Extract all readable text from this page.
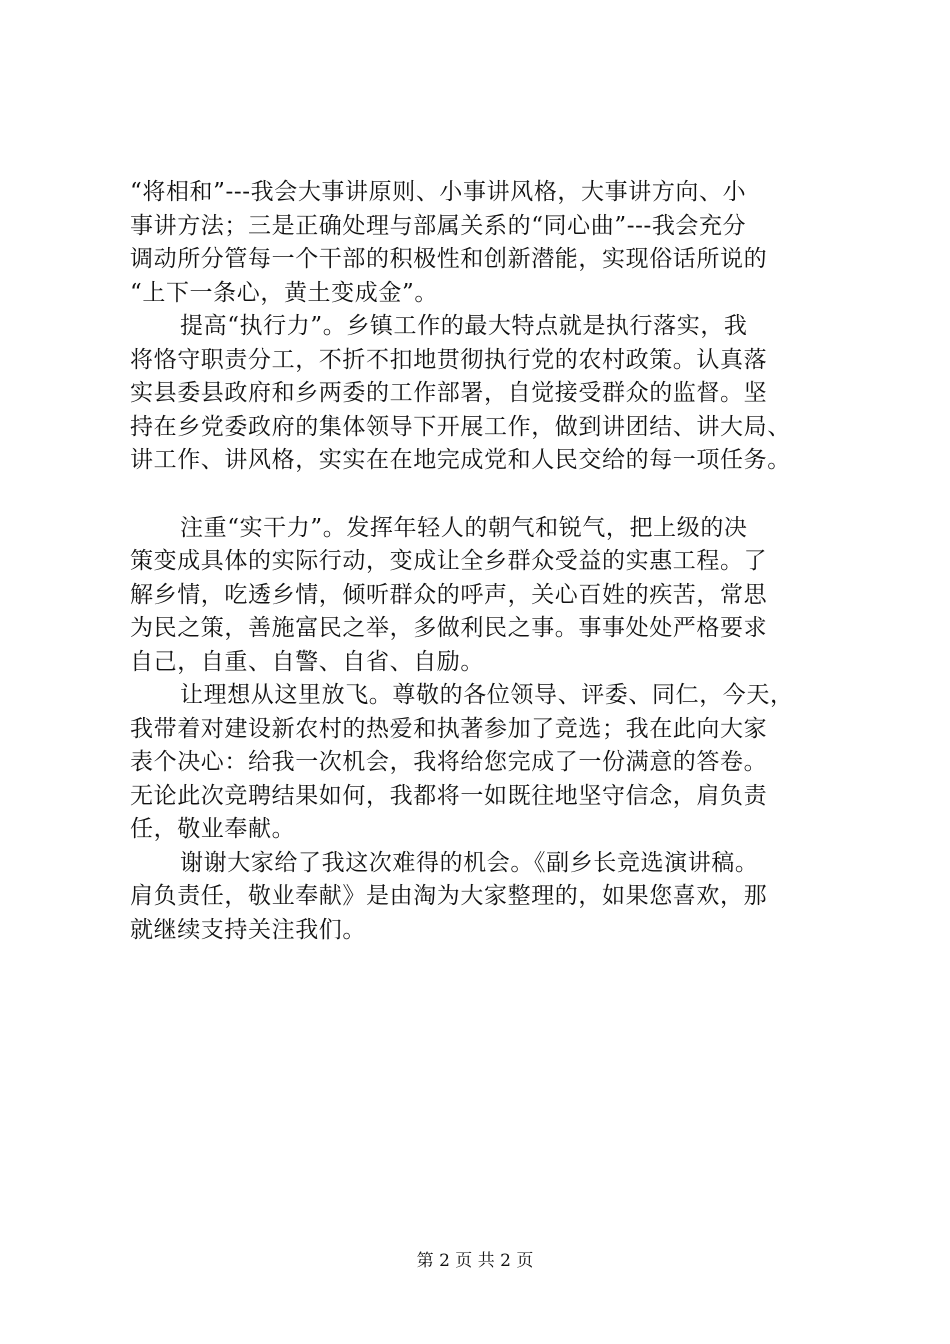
“将相和”---我会大事讲原则、小事讲风格，大事讲方向、小
事讲方法；三是正确处理与部属关系的“同心曲”---我会充分
调动所分管每一个干部的积极性和创新潜能，实现俗话所说的
“上下一条心，黄土变成金”。
提高“执行力”。乡镇工作的最大特点就是执行落实，我
将恪守职责分工，不折不扣地贯彻执行党的农村政策。认真落
实县委县政府和乡两委的工作部署，自觉接受群众的监督。坚
持在乡党委政府的集体领导下开展工作，做到讲团结、讲大局、
讲工作、讲风格，实实在在地完成党和人民交给的每一项任务。
注重“实干力”。发挥年轻人的朝气和锐气，把上级的决
策变成具体的实际行动，变成让全乡群众受益的实惠工程。了
解乡情，吃透乡情，倾听群众的呼声，关心百姓的疾苦，常思
为民之策，善施富民之举，多做利民之事。事事处处严格要求
自己，自重、自警、自省、自励。
让理想从这里放飞。尊敬的各位领导、评委、同仁，今天，
我带着对建设新农村的热爱和执著参加了竞选；我在此向大家
表个决心：给我一次机会，我将给您完成了一份满意的答卷。
无论此次竞聘结果如何，我都将一如既往地坚守信念，肩负责
任，敬业奉献。
谢谢大家给了我这次难得的机会。《副乡长竞选演讲稿。
肩负责任，敬业奉献》是由淘为大家整理的，如果您喜欢，那
就继续支持关注我们。
第 2 页 共 2 页
